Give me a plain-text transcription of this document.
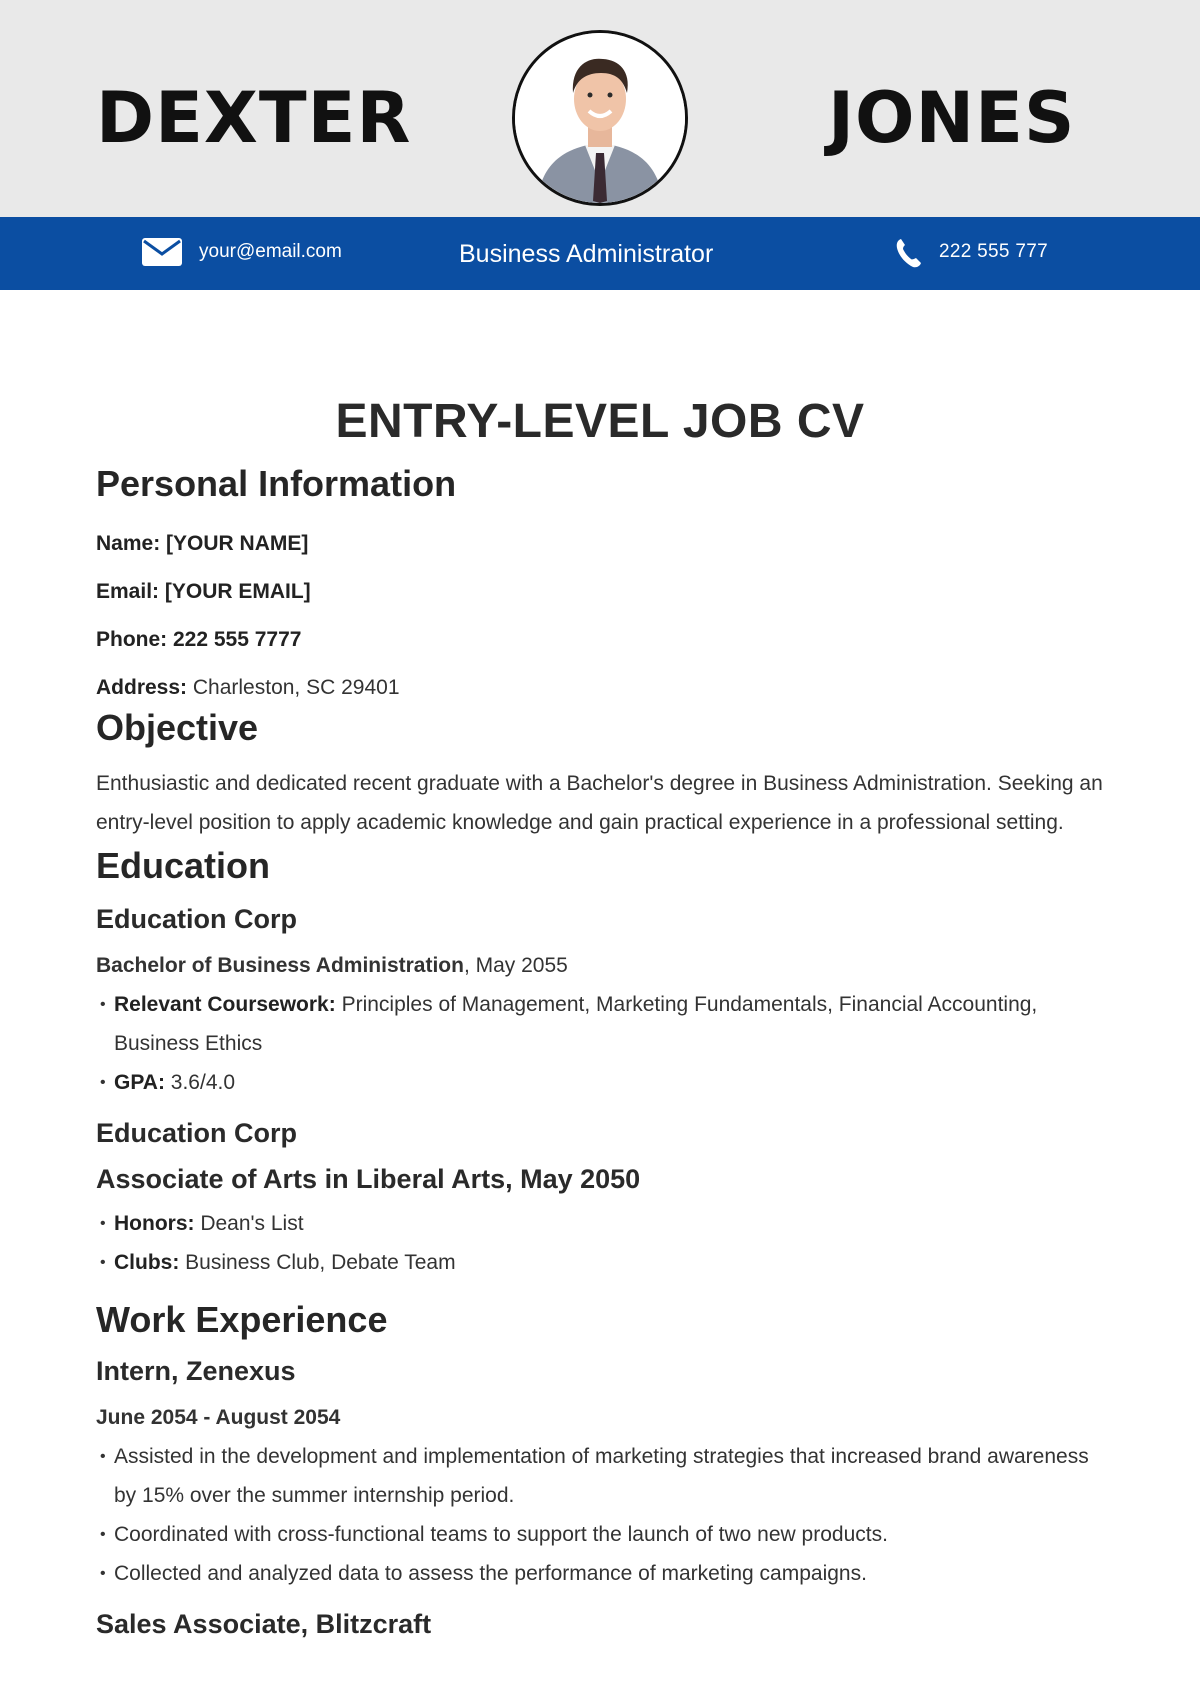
DEXTER	JONES
your@email.com	Business Administrator	222 555 777
ENTRY-LEVEL JOB CV
Personal Information
Name: [YOUR NAME]
Email: [YOUR EMAIL]
Phone: 222 555 7777
Address: Charleston, SC 29401
Objective
Enthusiastic and dedicated recent graduate with a Bachelor's degree in Business Administration. Seeking an entry-level position to apply academic knowledge and gain practical experience in a professional setting.
Education
Education Corp
Bachelor of Business Administration, May 2055
• Relevant Coursework: Principles of Management, Marketing Fundamentals, Financial Accounting, Business Ethics
• GPA: 3.6/4.0
Education Corp
Associate of Arts in Liberal Arts, May 2050
• Honors: Dean's List
• Clubs: Business Club, Debate Team
Work Experience
Intern, Zenexus
June 2054 - August 2054
• Assisted in the development and implementation of marketing strategies that increased brand awareness by 15% over the summer internship period.
• Coordinated with cross-functional teams to support the launch of two new products.
• Collected and analyzed data to assess the performance of marketing campaigns.
Sales Associate, Blitzcraft
